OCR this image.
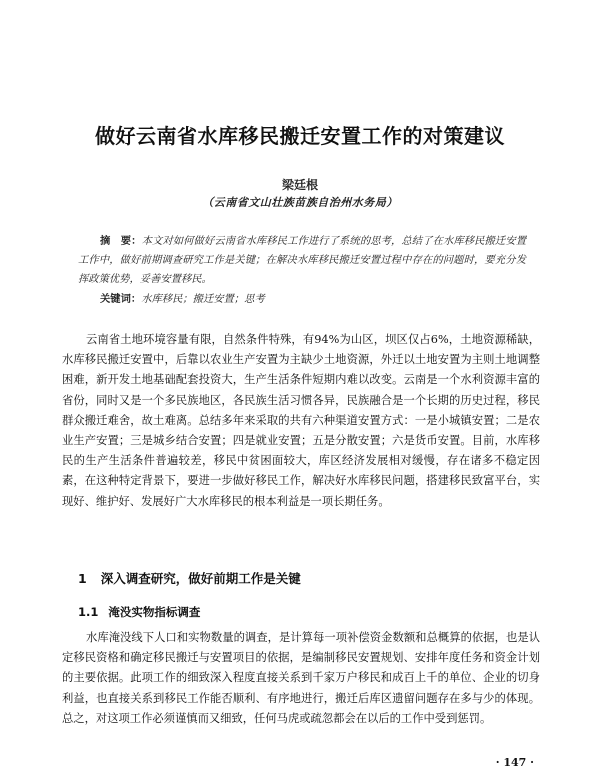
做好云南省水库移民搬迁安置工作的对策建议
梁廷根
（云南省文山壮族苗族自治州水务局）
摘　要：本文对如何做好云南省水库移民工作进行了系统的思考，总结了在水库移民搬迁安置工作中，做好前期调查研究工作是关键；在解决水库移民搬迁安置过程中存在的问题时，要充分发挥政策优势，妥善安置移民。
关键词：水库移民；搬迁安置；思考
云南省土地环境容量有限，自然条件特殊，有94%为山区，坝区仅占6%，土地资源稀缺，水库移民搬迁安置中，后靠以农业生产安置为主缺少土地资源，外迁以土地安置为主则土地调整困难，新开发土地基础配套投资大，生产生活条件短期内难以改变。云南是一个水利资源丰富的省份，同时又是一个多民族地区，各民族生活习惯各异，民族融合是一个长期的历史过程，移民群众搬迁难舍，故土难离。总结多年来采取的共有六种渠道安置方式：一是小城镇安置；二是农业生产安置；三是城乡结合安置；四是就业安置；五是分散安置；六是货币安置。目前，水库移民的生产生活条件普遍较差，移民中贫困面较大，库区经济发展相对缓慢，存在诸多不稳定因素，在这种特定背景下，要进一步做好移民工作，解决好水库移民问题，搭建移民致富平台，实现好、维护好、发展好广大水库移民的根本利益是一项长期任务。
1 深入调查研究，做好前期工作是关键
1.1 淹没实物指标调查
水库淹没线下人口和实物数量的调查，是计算每一项补偿资金数额和总概算的依据，也是认定移民资格和确定移民搬迁与安置项目的依据，是编制移民安置规划、安排年度任务和资金计划的主要依据。此项工作的细致深入程度直接关系到千家万户移民和成百上千的单位、企业的切身利益，也直接关系到移民工作能否顺利、有序地进行，搬迁后库区遗留问题存在多与少的体现。总之，对这项工作必须谨慎而又细致，任何马虎或疏忽都会在以后的工作中受到惩罚。
· 147 ·
